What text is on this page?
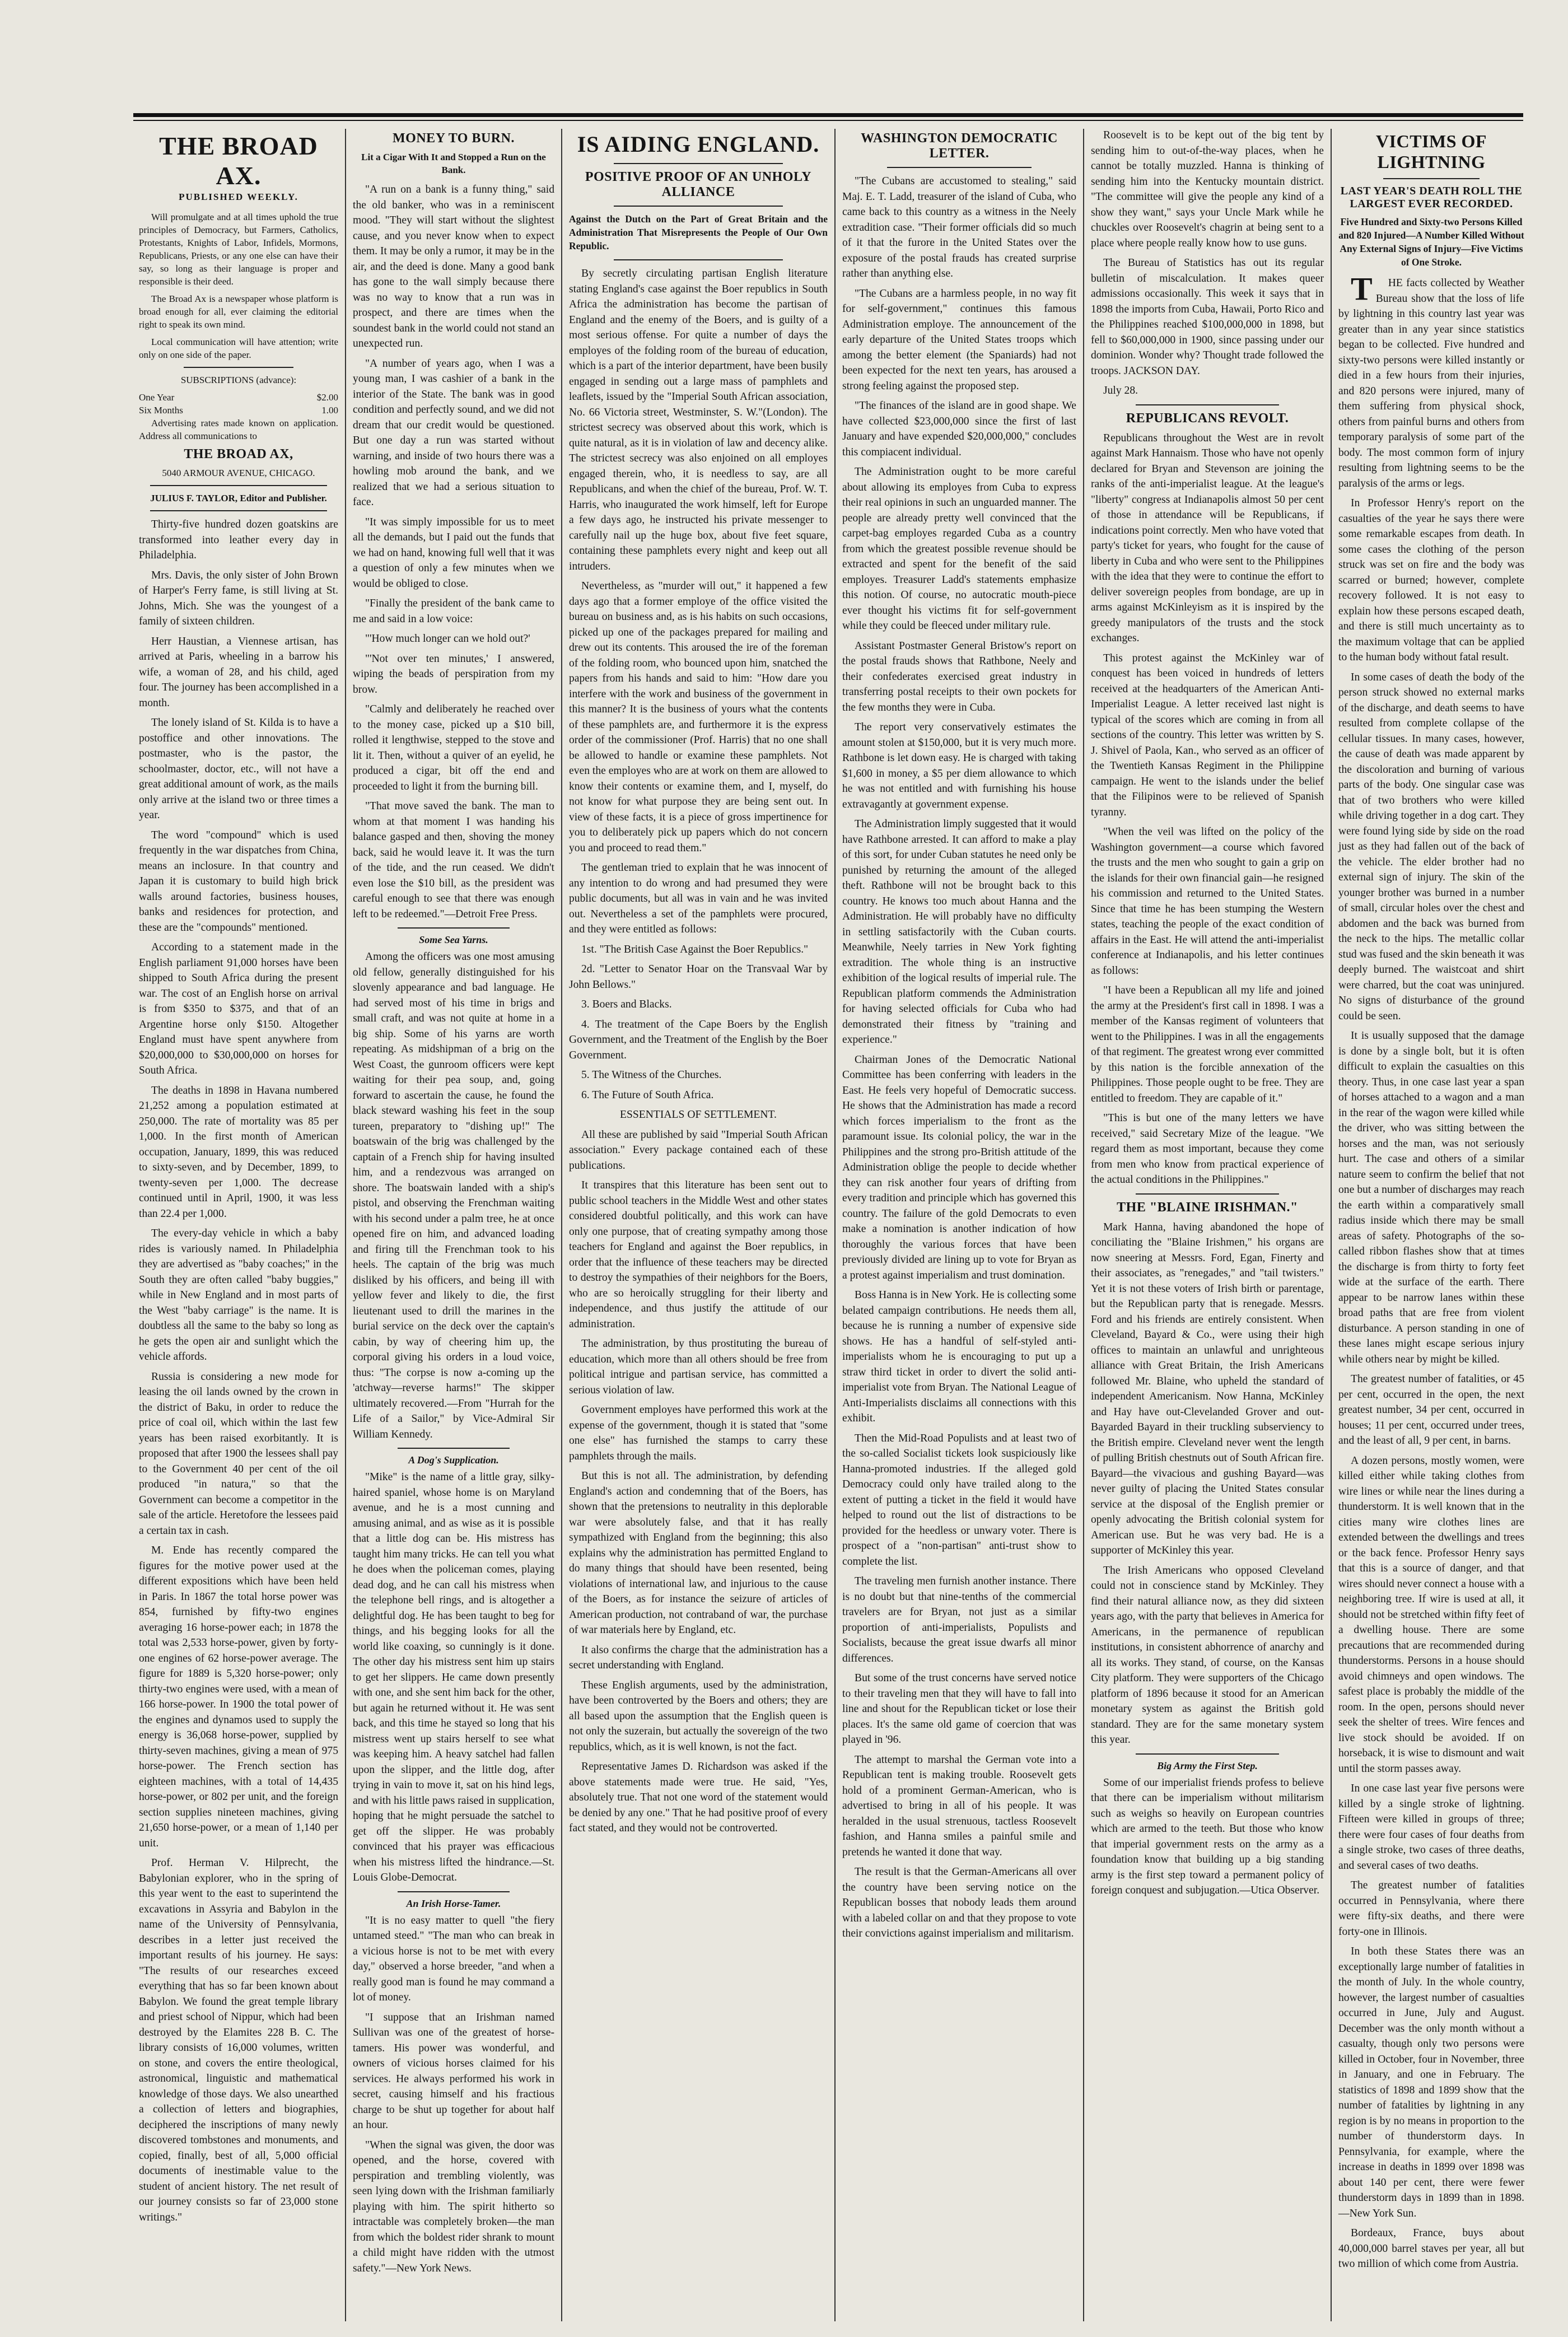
THE BROAD AX.
PUBLISHED WEEKLY.

Will promulgate and at all times uphold the true principles of Democracy, but Farmers, Catholics, Protestants, Knights of Labor, Infidels, Mormons, Republicans, Priests, or any one else can have their say, so long as their language is proper and responsible is their deed.

The Broad Ax is a newspaper whose platform is broad enough for all, ever claiming the editorial right to speak its own mind.

Local communication will have attention; write only on one side of the paper.

SUBSCRIPTIONS (advance):

One Year	$2.00
Six Months	1.00

Advertising rates made known on application. Address all communications to

THE BROAD AX,

5040 ARMOUR AVENUE, CHICAGO.

JULIUS F. TAYLOR, Editor and Publisher.

Thirty-five hundred dozen goatskins are transformed into leather every day in Philadelphia.

Mrs. Davis, the only sister of John Brown of Harper's Ferry fame, is still living at St. Johns, Mich. She was the youngest of a family of sixteen children.

Herr Haustian, a Viennese artisan, has arrived at Paris, wheeling in a barrow his wife, a woman of 28, and his child, aged four. The journey has been accomplished in a month.

The lonely island of St. Kilda is to have a postoffice and other innovations. The postmaster, who is the pastor, the schoolmaster, doctor, etc., will not have a great additional amount of work, as the mails only arrive at the island two or three times a year.

The word "compound" which is used frequently in the war dispatches from China, means an inclosure. In that country and Japan it is customary to build high brick walls around factories, business houses, banks and residences for protection, and these are the "compounds" mentioned.

According to a statement made in the English parliament 91,000 horses have been shipped to South Africa during the present war. The cost of an English horse on arrival is from $350 to $375, and that of an Argentine horse only $150. Altogether England must have spent anywhere from $20,000,000 to $30,000,000 on horses for South Africa.

The deaths in 1898 in Havana numbered 21,252 among a population estimated at 250,000. The rate of mortality was 85 per 1,000. In the first month of American occupation, January, 1899, this was reduced to sixty-seven, and by December, 1899, to twenty-seven per 1,000. The decrease continued until in April, 1900, it was less than 22.4 per 1,000.

The every-day vehicle in which a baby rides is variously named. In Philadelphia they are advertised as "baby coaches;" in the South they are often called "baby buggies," while in New England and in most parts of the West "baby carriage" is the name. It is doubtless all the same to the baby so long as he gets the open air and sunlight which the vehicle affords.

Russia is considering a new mode for leasing the oil lands owned by the crown in the district of Baku, in order to reduce the price of coal oil, which within the last few years has been raised exorbitantly. It is proposed that after 1900 the lessees shall pay to the Government 40 per cent of the oil produced "in natura," so that the Government can become a competitor in the sale of the article. Heretofore the lessees paid a certain tax in cash.

M. Ende has recently compared the figures for the motive power used at the different expositions which have been held in Paris. In 1867 the total horse power was 854, furnished by fifty-two engines averaging 16 horse-power each; in 1878 the total was 2,533 horse-power, given by forty-one engines of 62 horse-power average. The figure for 1889 is 5,320 horse-power; only thirty-two engines were used, with a mean of 166 horse-power. In 1900 the total power of the engines and dynamos used to supply the energy is 36,068 horse-power, supplied by thirty-seven machines, giving a mean of 975 horse-power. The French section has eighteen machines, with a total of 14,435 horse-power, or 802 per unit, and the foreign section supplies nineteen machines, giving 21,650 horse-power, or a mean of 1,140 per unit.

Prof. Herman V. Hilprecht, the Babylonian explorer, who in the spring of this year went to the east to superintend the excavations in Assyria and Babylon in the name of the University of Pennsylvania, describes in a letter just received the important results of his journey. He says: "The results of our researches exceed everything that has so far been known about Babylon. We found the great temple library and priest school of Nippur, which had been destroyed by the Elamites 228 B. C. The library consists of 16,000 volumes, written on stone, and covers the entire theological, astronomical, linguistic and mathematical knowledge of those days. We also unearthed a collection of letters and biographies, deciphered the inscriptions of many newly discovered tombstones and monuments, and copied, finally, best of all, 5,000 official documents of inestimable value to the student of ancient history. The net result of our journey consists so far of 23,000 stone writings."

MONEY TO BURN.
Lit a Cigar With It and Stopped a Run on the Bank.

"A run on a bank is a funny thing," said the old banker, who was in a reminiscent mood. "They will start without the slightest cause, and you never know when to expect them. It may be only a rumor, it may be in the air, and the deed is done. Many a good bank has gone to the wall simply because there was no way to know that a run was in prospect, and there are times when the soundest bank in the world could not stand an unexpected run.

"A number of years ago, when I was a young man, I was cashier of a bank in the interior of the State. The bank was in good condition and perfectly sound, and we did not dream that our credit would be questioned. But one day a run was started without warning, and inside of two hours there was a howling mob around the bank, and we realized that we had a serious situation to face.

"It was simply impossible for us to meet all the demands, but I paid out the funds that we had on hand, knowing full well that it was a question of only a few minutes when we would be obliged to close.

"Finally the president of the bank came to me and said in a low voice:

"'How much longer can we hold out?'

"'Not over ten minutes,' I answered, wiping the beads of perspiration from my brow.

"Calmly and deliberately he reached over to the money case, picked up a $10 bill, rolled it lengthwise, stepped to the stove and lit it. Then, without a quiver of an eyelid, he produced a cigar, bit off the end and proceeded to light it from the burning bill.

"That move saved the bank. The man to whom at that moment I was handing his balance gasped and then, shoving the money back, said he would leave it. It was the turn of the tide, and the run ceased. We didn't even lose the $10 bill, as the president was careful enough to see that there was enough left to be redeemed."—Detroit Free Press.

Some Sea Yarns.

Among the officers was one most amusing old fellow, generally distinguished for his slovenly appearance and bad language. He had served most of his time in brigs and small craft, and was not quite at home in a big ship. Some of his yarns are worth repeating. As midshipman of a brig on the West Coast, the gunroom officers were kept waiting for their pea soup, and, going forward to ascertain the cause, he found the black steward washing his feet in the soup tureen, preparatory to "dishing up!" The boatswain of the brig was challenged by the captain of a French ship for having insulted him, and a rendezvous was arranged on shore. The boatswain landed with a ship's pistol, and observing the Frenchman waiting with his second under a palm tree, he at once opened fire on him, and advanced loading and firing till the Frenchman took to his heels. The captain of the brig was much disliked by his officers, and being ill with yellow fever and likely to die, the first lieutenant used to drill the marines in the burial service on the deck over the captain's cabin, by way of cheering him up, the corporal giving his orders in a loud voice, thus: "The corpse is now a-coming up the 'atchway—reverse harms!" The skipper ultimately recovered.—From "Hurrah for the Life of a Sailor," by Vice-Admiral Sir William Kennedy.

A Dog's Supplication.

"Mike" is the name of a little gray, silky-haired spaniel, whose home is on Maryland avenue, and he is a most cunning and amusing animal, and as wise as it is possible that a little dog can be. His mistress has taught him many tricks. He can tell you what he does when the policeman comes, playing dead dog, and he can call his mistress when the telephone bell rings, and is altogether a delightful dog. He has been taught to beg for things, and his begging looks for all the world like coaxing, so cunningly is it done. The other day his mistress sent him up stairs to get her slippers. He came down presently with one, and she sent him back for the other, but again he returned without it. He was sent back, and this time he stayed so long that his mistress went up stairs herself to see what was keeping him. A heavy satchel had fallen upon the slipper, and the little dog, after trying in vain to move it, sat on his hind legs, and with his little paws raised in supplication, hoping that he might persuade the satchel to get off the slipper. He was probably convinced that his prayer was efficacious when his mistress lifted the hindrance.—St. Louis Globe-Democrat.

An Irish Horse-Tamer.

"It is no easy matter to quell "the fiery untamed steed." "The man who can break in a vicious horse is not to be met with every day," observed a horse breeder, "and when a really good man is found he may command a lot of money.

"I suppose that an Irishman named Sullivan was one of the greatest of horse-tamers. His power was wonderful, and owners of vicious horses claimed for his services. He always performed his work in secret, causing himself and his fractious charge to be shut up together for about half an hour.

"When the signal was given, the door was opened, and the horse, covered with perspiration and trembling violently, was seen lying down with the Irishman familiarly playing with him. The spirit hitherto so intractable was completely broken—the man from which the boldest rider shrank to mount a child might have ridden with the utmost safety."—New York News.

IS AIDING ENGLAND.
POSITIVE PROOF OF AN UNHOLY ALLIANCE
Against the Dutch on the Part of Great Britain and the Administration That Misrepresents the People of Our Own Republic.

By secretly circulating partisan English literature stating England's case against the Boer republics in South Africa the administration has become the partisan of England and the enemy of the Boers, and is guilty of a most serious offense. For quite a number of days the employes of the folding room of the bureau of education, which is a part of the interior department, have been busily engaged in sending out a large mass of pamphlets and leaflets, issued by the "Imperial South African association, No. 66 Victoria street, Westminster, S. W."(London). The strictest secrecy was observed about this work, which is quite natural, as it is in violation of law and decency alike. The strictest secrecy was also enjoined on all employes engaged therein, who, it is needless to say, are all Republicans, and when the chief of the bureau, Prof. W. T. Harris, who inaugurated the work himself, left for Europe a few days ago, he instructed his private messenger to carefully nail up the huge box, about five feet square, containing these pamphlets every night and keep out all intruders.

Nevertheless, as "murder will out," it happened a few days ago that a former employe of the office visited the bureau on business and, as is his habits on such occasions, picked up one of the packages prepared for mailing and drew out its contents. This aroused the ire of the foreman of the folding room, who bounced upon him, snatched the papers from his hands and said to him: "How dare you interfere with the work and business of the government in this manner? It is the business of yours what the contents of these pamphlets are, and furthermore it is the express order of the commissioner (Prof. Harris) that no one shall be allowed to handle or examine these pamphlets. Not even the employes who are at work on them are allowed to know their contents or examine them, and I, myself, do not know for what purpose they are being sent out. In view of these facts, it is a piece of gross impertinence for you to deliberately pick up papers which do not concern you and proceed to read them."

The gentleman tried to explain that he was innocent of any intention to do wrong and had presumed they were public documents, but all was in vain and he was invited out. Nevertheless a set of the pamphlets were procured, and they were entitled as follows:

1st. "The British Case Against the Boer Republics."

2d. "Letter to Senator Hoar on the Transvaal War by John Bellows."

3. Boers and Blacks.

4. The treatment of the Cape Boers by the English Government, and the Treatment of the English by the Boer Government.

5. The Witness of the Churches.

6. The Future of South Africa.

ESSENTIALS OF SETTLEMENT.

All these are published by said "Imperial South African association." Every package contained each of these publications.

It transpires that this literature has been sent out to public school teachers in the Middle West and other states considered doubtful politically, and this work can have only one purpose, that of creating sympathy among those teachers for England and against the Boer republics, in order that the influence of these teachers may be directed to destroy the sympathies of their neighbors for the Boers, who are so heroically struggling for their liberty and independence, and thus justify the attitude of our administration.

The administration, by thus prostituting the bureau of education, which more than all others should be free from political intrigue and partisan service, has committed a serious violation of law.

Government employes have performed this work at the expense of the government, though it is stated that "some one else" has furnished the stamps to carry these pamphlets through the mails.

But this is not all. The administration, by defending England's action and condemning that of the Boers, has shown that the pretensions to neutrality in this deplorable war were absolutely false, and that it has really sympathized with England from the beginning; this also explains why the administration has permitted England to do many things that should have been resented, being violations of international law, and injurious to the cause of the Boers, as for instance the seizure of articles of American production, not contraband of war, the purchase of war materials here by England, etc.

It also confirms the charge that the administration has a secret understanding with England.

These English arguments, used by the administration, have been controverted by the Boers and others; they are all based upon the assumption that the English queen is not only the suzerain, but actually the sovereign of the two republics, which, as it is well known, is not the fact.

Representative James D. Richardson was asked if the above statements made were true. He said, "Yes, absolutely true. That not one word of the statement would be denied by any one." That he had positive proof of every fact stated, and they would not be controverted.

WASHINGTON DEMOCRATIC LETTER.

"The Cubans are accustomed to stealing," said Maj. E. T. Ladd, treasurer of the island of Cuba, who came back to this country as a witness in the Neely extradition case. "Their former officials did so much of it that the furore in the United States over the exposure of the postal frauds has created surprise rather than anything else.

"The Cubans are a harmless people, in no way fit for self-government," continues this famous Administration employe. The announcement of the early departure of the United States troops which among the better element (the Spaniards) had not been expected for the next ten years, has aroused a strong feeling against the proposed step.

"The finances of the island are in good shape. We have collected $23,000,000 since the first of last January and have expended $20,000,000," concludes this compiacent individual.

The Administration ought to be more careful about allowing its employes from Cuba to express their real opinions in such an unguarded manner. The people are already pretty well convinced that the carpet-bag employes regarded Cuba as a country from which the greatest possible revenue should be extracted and spent for the benefit of the said employes. Treasurer Ladd's statements emphasize this notion. Of course, no autocratic mouth-piece ever thought his victims fit for self-government while they could be fleeced under military rule.

Assistant Postmaster General Bristow's report on the postal frauds shows that Rathbone, Neely and their confederates exercised great industry in transferring postal receipts to their own pockets for the few months they were in Cuba.

The report very conservatively estimates the amount stolen at $150,000, but it is very much more. Rathbone is let down easy. He is charged with taking $1,600 in money, a $5 per diem allowance to which he was not entitled and with furnishing his house extravagantly at government expense.

The Administration limply suggested that it would have Rathbone arrested. It can afford to make a play of this sort, for under Cuban statutes he need only be punished by returning the amount of the alleged theft. Rathbone will not be brought back to this country. He knows too much about Hanna and the Administration. He will probably have no difficulty in settling satisfactorily with the Cuban courts. Meanwhile, Neely tarries in New York fighting extradition. The whole thing is an instructive exhibition of the logical results of imperial rule. The Republican platform commends the Administration for having selected officials for Cuba who had demonstrated their fitness by "training and experience."

Chairman Jones of the Democratic National Committee has been conferring with leaders in the East. He feels very hopeful of Democratic success. He shows that the Administration has made a record which forces imperialism to the front as the paramount issue. Its colonial policy, the war in the Philippines and the strong pro-British attitude of the Administration oblige the people to decide whether they can risk another four years of drifting from every tradition and principle which has governed this country. The failure of the gold Democrats to even make a nomination is another indication of how thoroughly the various forces that have been previously divided are lining up to vote for Bryan as a protest against imperialism and trust domination.

Boss Hanna is in New York. He is collecting some belated campaign contributions. He needs them all, because he is running a number of expensive side shows. He has a handful of self-styled anti-imperialists whom he is encouraging to put up a straw third ticket in order to divert the solid anti-imperialist vote from Bryan. The National League of Anti-Imperialists disclaims all connections with this exhibit.

Then the Mid-Road Populists and at least two of the so-called Socialist tickets look suspiciously like Hanna-promoted industries. If the alleged gold Democracy could only have trailed along to the extent of putting a ticket in the field it would have helped to round out the list of distractions to be provided for the heedless or unwary voter. There is prospect of a "non-partisan" anti-trust show to complete the list.

The traveling men furnish another instance. There is no doubt but that nine-tenths of the commercial travelers are for Bryan, not just as a similar proportion of anti-imperialists, Populists and Socialists, because the great issue dwarfs all minor differences.

But some of the trust concerns have served notice to their traveling men that they will have to fall into line and shout for the Republican ticket or lose their places. It's the same old game of coercion that was played in '96.

The attempt to marshal the German vote into a Republican tent is making trouble. Roosevelt gets hold of a prominent German-American, who is advertised to bring in all of his people. It was heralded in the usual strenuous, tactless Roosevelt fashion, and Hanna smiles a painful smile and pretends he wanted it done that way.

The result is that the German-Americans all over the country have been serving notice on the Republican bosses that nobody leads them around with a labeled collar on and that they propose to vote their convictions against imperialism and militarism.

Roosevelt is to be kept out of the big tent by sending him to out-of-the-way places, when he cannot be totally muzzled. Hanna is thinking of sending him into the Kentucky mountain district. "The committee will give the people any kind of a show they want," says your Uncle Mark while he chuckles over Roosevelt's chagrin at being sent to a place where people really know how to use guns.

The Bureau of Statistics has out its regular bulletin of miscalculation. It makes queer admissions occasionally. This week it says that in 1898 the imports from Cuba, Hawaii, Porto Rico and the Philippines reached $100,000,000 in 1898, but fell to $60,000,000 in 1900, since passing under our dominion. Wonder why? Thought trade followed the troops. JACKSON DAY.

July 28.

REPUBLICANS REVOLT.

Republicans throughout the West are in revolt against Mark Hannaism. Those who have not openly declared for Bryan and Stevenson are joining the ranks of the anti-imperialist league. At the league's "liberty" congress at Indianapolis almost 50 per cent of those in attendance will be Republicans, if indications point correctly. Men who have voted that party's ticket for years, who fought for the cause of liberty in Cuba and who were sent to the Philippines with the idea that they were to continue the effort to deliver sovereign peoples from bondage, are up in arms against McKinleyism as it is inspired by the greedy manipulators of the trusts and the stock exchanges.

This protest against the McKinley war of conquest has been voiced in hundreds of letters received at the headquarters of the American Anti-Imperialist League. A letter received last night is typical of the scores which are coming in from all sections of the country. This letter was written by S. J. Shivel of Paola, Kan., who served as an officer of the Twentieth Kansas Regiment in the Philippine campaign. He went to the islands under the belief that the Filipinos were to be relieved of Spanish tyranny.

"When the veil was lifted on the policy of the Washington government—a course which favored the trusts and the men who sought to gain a grip on the islands for their own financial gain—he resigned his commission and returned to the United States. Since that time he has been stumping the Western states, teaching the people of the exact condition of affairs in the East. He will attend the anti-imperialist conference at Indianapolis, and his letter continues as follows:

"I have been a Republican all my life and joined the army at the President's first call in 1898. I was a member of the Kansas regiment of volunteers that went to the Philippines. I was in all the engagements of that regiment. The greatest wrong ever committed by this nation is the forcible annexation of the Philippines. Those people ought to be free. They are entitled to freedom. They are capable of it."

"This is but one of the many letters we have received," said Secretary Mize of the league. "We regard them as most important, because they come from men who know from practical experience of the actual conditions in the Philippines."

THE "BLAINE IRISHMAN."

Mark Hanna, having abandoned the hope of conciliating the "Blaine Irishmen," his organs are now sneering at Messrs. Ford, Egan, Finerty and their associates, as "renegades," and "tail twisters." Yet it is not these voters of Irish birth or parentage, but the Republican party that is renegade. Messrs. Ford and his friends are entirely consistent. When Cleveland, Bayard & Co., were using their high offices to maintain an unlawful and unrighteous alliance with Great Britain, the Irish Americans followed Mr. Blaine, who upheld the standard of independent Americanism. Now Hanna, McKinley and Hay have out-Clevelanded Grover and out-Bayarded Bayard in their truckling subserviency to the British empire. Cleveland never went the length of pulling British chestnuts out of South African fire. Bayard—the vivacious and gushing Bayard—was never guilty of placing the United States consular service at the disposal of the English premier or openly advocating the British colonial system for American use. But he was very bad. He is a supporter of McKinley this year.

The Irish Americans who opposed Cleveland could not in conscience stand by McKinley. They find their natural alliance now, as they did sixteen years ago, with the party that believes in America for Americans, in the permanence of republican institutions, in consistent abhorrence of anarchy and all its works. They stand, of course, on the Kansas City platform. They were supporters of the Chicago platform of 1896 because it stood for an American monetary system as against the British gold standard. They are for the same monetary system this year.

Big Army the First Step.

Some of our imperialist friends profess to believe that there can be imperialism without militarism such as weighs so heavily on European countries which are armed to the teeth. But those who know that imperial government rests on the army as a foundation know that building up a big standing army is the first step toward a permanent policy of foreign conquest and subjugation.—Utica Observer.

VICTIMS OF LIGHTNING
LAST YEAR'S DEATH ROLL THE LARGEST EVER RECORDED.
Five Hundred and Sixty-two Persons Killed and 820 Injured—A Number Killed Without Any External Signs of Injury—Five Victims of One Stroke.

THE facts collected by Weather Bureau show that the loss of life by lightning in this country last year was greater than in any year since statistics began to be collected. Five hundred and sixty-two persons were killed instantly or died in a few hours from their injuries, and 820 persons were injured, many of them suffering from physical shock, others from painful burns and others from temporary paralysis of some part of the body. The most common form of injury resulting from lightning seems to be the paralysis of the arms or legs.

In Professor Henry's report on the casualties of the year he says there were some remarkable escapes from death. In some cases the clothing of the person struck was set on fire and the body was scarred or burned; however, complete recovery followed. It is not easy to explain how these persons escaped death, and there is still much uncertainty as to the maximum voltage that can be applied to the human body without fatal result.

In some cases of death the body of the person struck showed no external marks of the discharge, and death seems to have resulted from complete collapse of the cellular tissues. In many cases, however, the cause of death was made apparent by the discoloration and burning of various parts of the body. One singular case was that of two brothers who were killed while driving together in a dog cart. They were found lying side by side on the road just as they had fallen out of the back of the vehicle. The elder brother had no external sign of injury. The skin of the younger brother was burned in a number of small, circular holes over the chest and abdomen and the back was burned from the neck to the hips. The metallic collar stud was fused and the skin beneath it was deeply burned. The waistcoat and shirt were charred, but the coat was uninjured. No signs of disturbance of the ground could be seen.

It is usually supposed that the damage is done by a single bolt, but it is often difficult to explain the casualties on this theory. Thus, in one case last year a span of horses attached to a wagon and a man in the rear of the wagon were killed while the driver, who was sitting between the horses and the man, was not seriously hurt. The case and others of a similar nature seem to confirm the belief that not one but a number of discharges may reach the earth within a comparatively small radius inside which there may be small areas of safety. Photographs of the so-called ribbon flashes show that at times the discharge is from thirty to forty feet wide at the surface of the earth. There appear to be narrow lanes within these broad paths that are free from violent disturbance. A person standing in one of these lanes might escape serious injury while others near by might be killed.

The greatest number of fatalities, or 45 per cent, occurred in the open, the next greatest number, 34 per cent, occurred in houses; 11 per cent, occurred under trees, and the least of all, 9 per cent, in barns.

A dozen persons, mostly women, were killed either while taking clothes from wire lines or while near the lines during a thunderstorm. It is well known that in the cities many wire clothes lines are extended between the dwellings and trees or the back fence. Professor Henry says that this is a source of danger, and that wires should never connect a house with a neighboring tree. If wire is used at all, it should not be stretched within fifty feet of a dwelling house. There are some precautions that are recommended during thunderstorms. Persons in a house should avoid chimneys and open windows. The safest place is probably the middle of the room. In the open, persons should never seek the shelter of trees. Wire fences and live stock should be avoided. If on horseback, it is wise to dismount and wait until the storm passes away.

In one case last year five persons were killed by a single stroke of lightning. Fifteen were killed in groups of three; there were four cases of four deaths from a single stroke, two cases of three deaths, and several cases of two deaths.

The greatest number of fatalities occurred in Pennsylvania, where there were fifty-six deaths, and there were forty-one in Illinois.

In both these States there was an exceptionally large number of fatalities in the month of July. In the whole country, however, the largest number of casualties occurred in June, July and August. December was the only month without a casualty, though only two persons were killed in October, four in November, three in January, and one in February. The statistics of 1898 and 1899 show that the number of fatalities by lightning in any region is by no means in proportion to the number of thunderstorm days. In Pennsylvania, for example, where the increase in deaths in 1899 over 1898 was about 140 per cent, there were fewer thunderstorm days in 1899 than in 1898.—New York Sun.

Bordeaux, France, buys about 40,000,000 barrel staves per year, all but two million of which come from Austria.
